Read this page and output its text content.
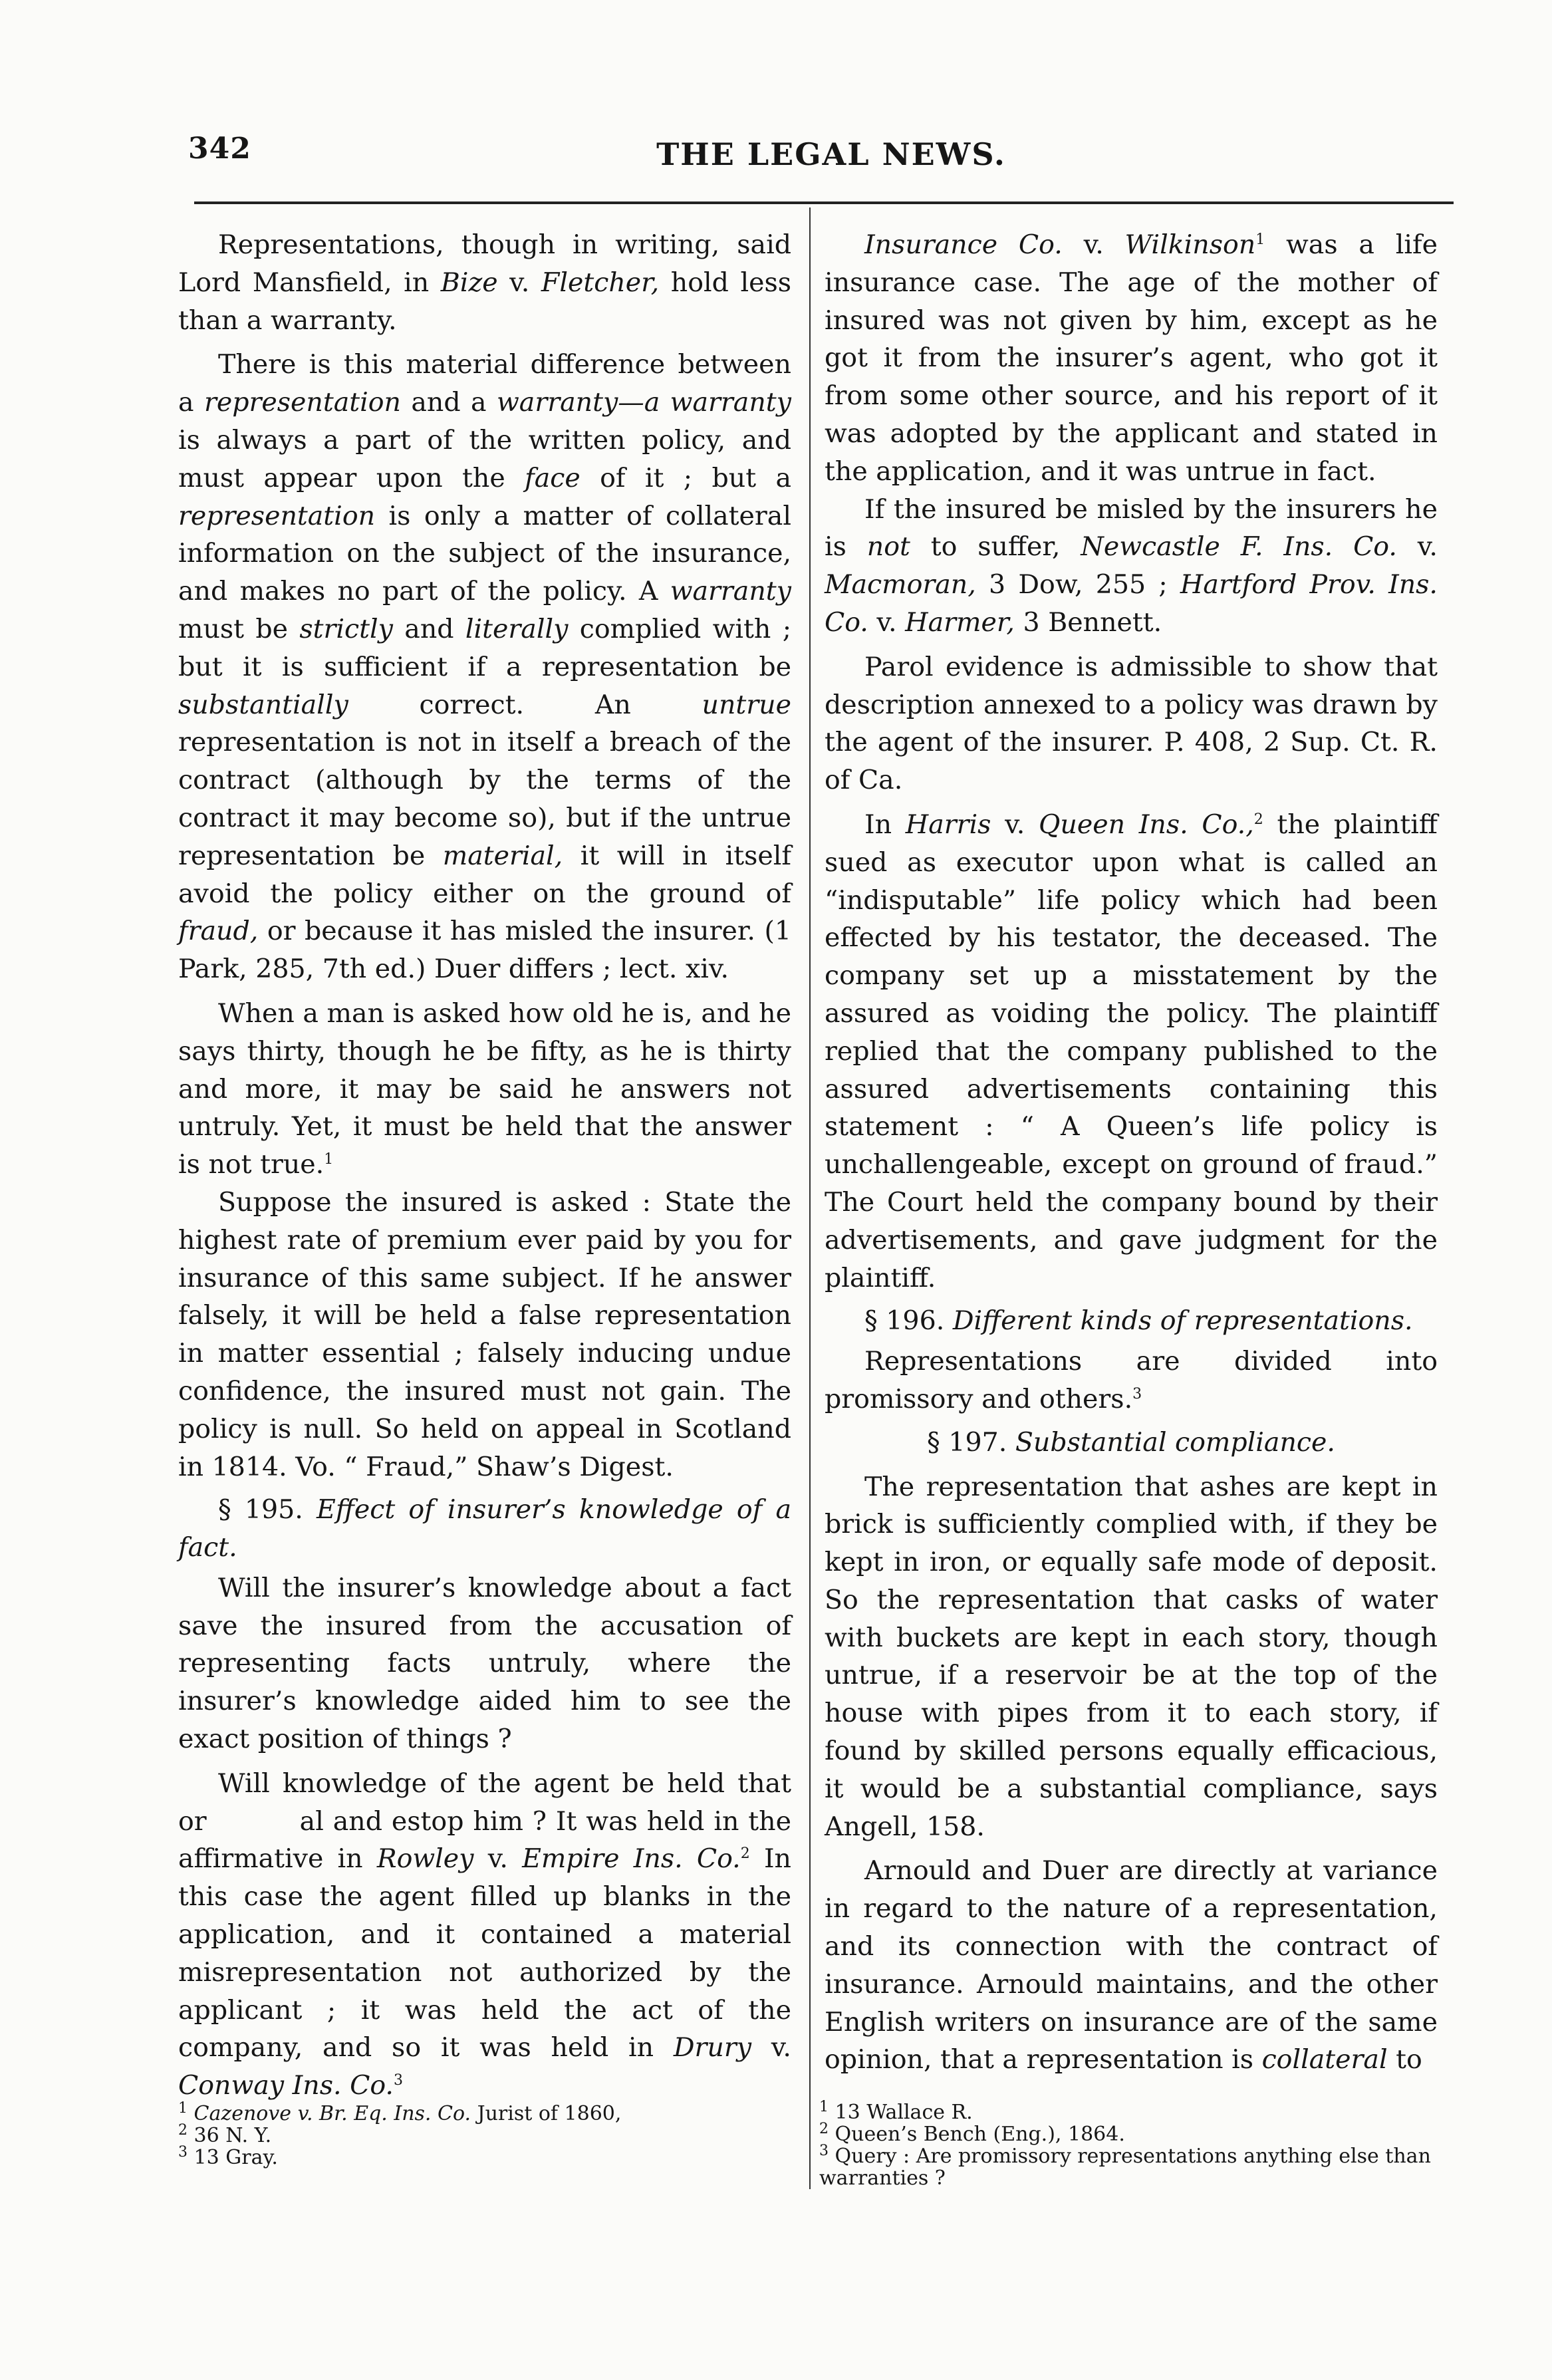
342	THE LEGAL NEWS.

Representations, though in writing, said Lord Mansfield, in Bize v. Fletcher, hold less than a warranty.

There is this material difference between a representation and a warranty—a warranty is always a part of the written policy, and must appear upon the face of it ; but a representation is only a matter of collateral information on the subject of the insurance, and makes no part of the policy. A warranty must be strictly and literally complied with ; but it is sufficient if a representation be substantially correct. An untrue representation is not in itself a breach of the contract (although by the terms of the contract it may become so), but if the untrue representation be material, it will in itself avoid the policy either on the ground of fraud, or because it has misled the insurer. (1 Park, 285, 7th ed.) Duer differs ; lect. xiv.

When a man is asked how old he is, and he says thirty, though he be fifty, as he is thirty and more, it may be said he answers not untruly. Yet, it must be held that the answer is not true.$^1$

Suppose the insured is asked : State the highest rate of premium ever paid by you for insurance of this same subject. If he answer falsely, it will be held a false representation in matter essential ; falsely inducing undue confidence, the insured must not gain. The policy is null. So held on appeal in Scotland in 1814. Vo. “ Fraud,” Shaw’s Digest.

§ 195. Effect of insurer’s knowledge of a fact.

Will the insurer’s knowledge about a fact save the insured from the accusation of representing facts untruly, where the insurer’s knowledge aided him to see the exact position of things ?

Will knowledge of the agent be held that or	al and estop him ? It was held in the affirmative in Rowley v. Empire Ins. Co.$^2$ In this case the agent filled up blanks in the application, and it contained a material misrepresentation not authorized by the applicant ; it was held the act of the company, and so it was held in Drury v. Conway Ins. Co.$^3$

$^1$ Cazenove v. Br. Eq. Ins. Co. Jurist of 1860,
$^2$ 36 N. Y.
$^3$ 13 Gray.

Insurance Co. v. Wilkinson$^1$ was a life insurance case. The age of the mother of insured was not given by him, except as he got it from the insurer’s agent, who got it from some other source, and his report of it was adopted by the applicant and stated in the application, and it was untrue in fact.

If the insured be misled by the insurers he is not to suffer, Newcastle F. Ins. Co. v. Macmoran, 3 Dow, 255 ; Hartford Prov. Ins. Co. v. Harmer, 3 Bennett.

Parol evidence is admissible to show that description annexed to a policy was drawn by the agent of the insurer. P. 408, 2 Sup. Ct. R. of Ca.

In Harris v. Queen Ins. Co.,$^2$ the plaintiff sued as executor upon what is called an “indisputable” life policy which had been effected by his testator, the deceased. The company set up a misstatement by the assured as voiding the policy. The plaintiff replied that the company published to the assured advertisements containing this statement : “ A Queen’s life policy is unchallengeable, except on ground of fraud.” The Court held the company bound by their advertisements, and gave judgment for the plaintiff.

§ 196. Different kinds of representations.

Representations are divided into promissory and others.$^3$

§ 197. Substantial compliance.

The representation that ashes are kept in brick is sufficiently complied with, if they be kept in iron, or equally safe mode of deposit. So the representation that casks of water with buckets are kept in each story, though untrue, if a reservoir be at the top of the house with pipes from it to each story, if found by skilled persons equally efficacious, it would be a substantial compliance, says Angell, 158.

Arnould and Duer are directly at variance in regard to the nature of a representation, and its connection with the contract of insurance. Arnould maintains, and the other English writers on insurance are of the same opinion, that a representation is collateral to

$^1$ 13 Wallace R.
$^2$ Queen’s Bench (Eng.), 1864.
$^3$ Query : Are promissory representations anything else than warranties ?
